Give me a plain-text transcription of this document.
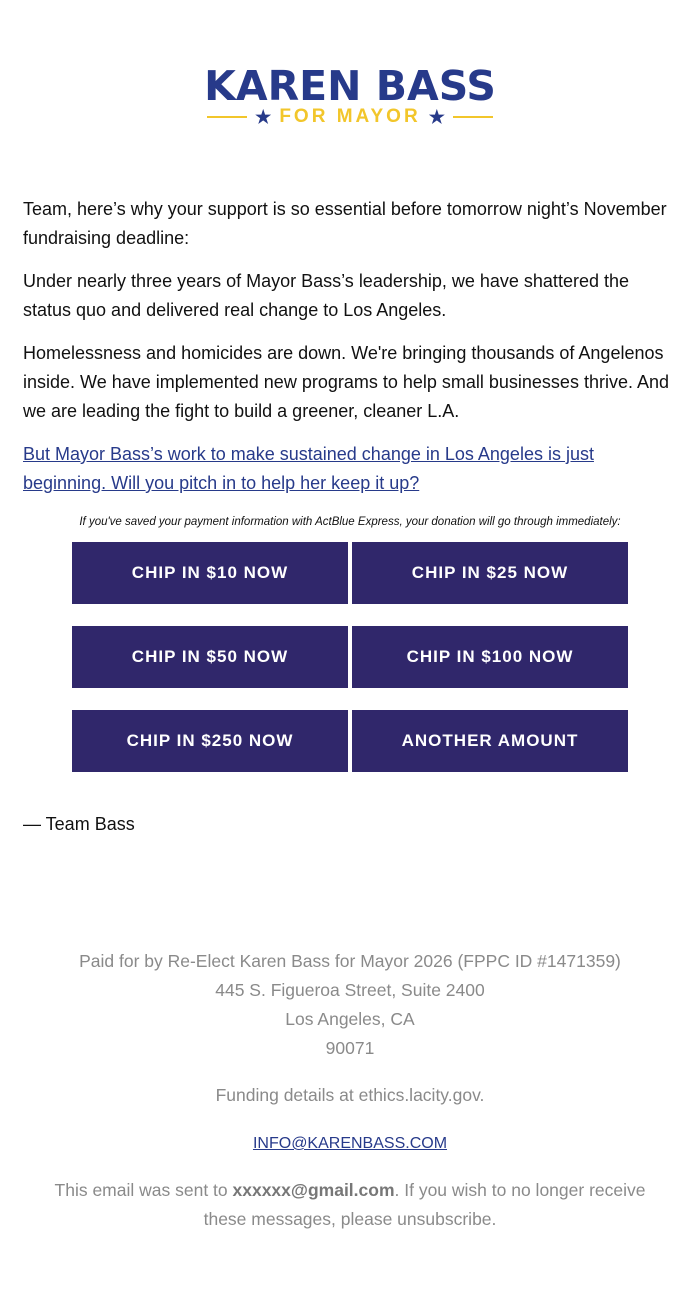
KAREN BASS
★ FOR MAYOR ★

Team, here’s why your support is so essential before tomorrow night’s November fundraising deadline:

Under nearly three years of Mayor Bass’s leadership, we have shattered the status quo and delivered real change to Los Angeles.

Homelessness and homicides are down. We're bringing thousands of Angelenos inside. We have implemented new programs to help small businesses thrive. And we are leading the fight to build a greener, cleaner L.A.

But Mayor Bass’s work to make sustained change in Los Angeles is just beginning. Will you pitch in to help her keep it up?

If you've saved your payment information with ActBlue Express, your donation will go through immediately:
CHIP IN $10 NOW	CHIP IN $25 NOW
CHIP IN $50 NOW	CHIP IN $100 NOW
CHIP IN $250 NOW	ANOTHER AMOUNT
— Team Bass

Paid for by Re-Elect Karen Bass for Mayor 2026 (FPPC ID #1471359)
445 S. Figueroa Street, Suite 2400
Los Angeles, CA
90071

Funding details at ethics.lacity.gov.

INFO@KARENBASS.COM

This email was sent to xxxxxx@gmail.com. If you wish to no longer receive these messages, please unsubscribe.
